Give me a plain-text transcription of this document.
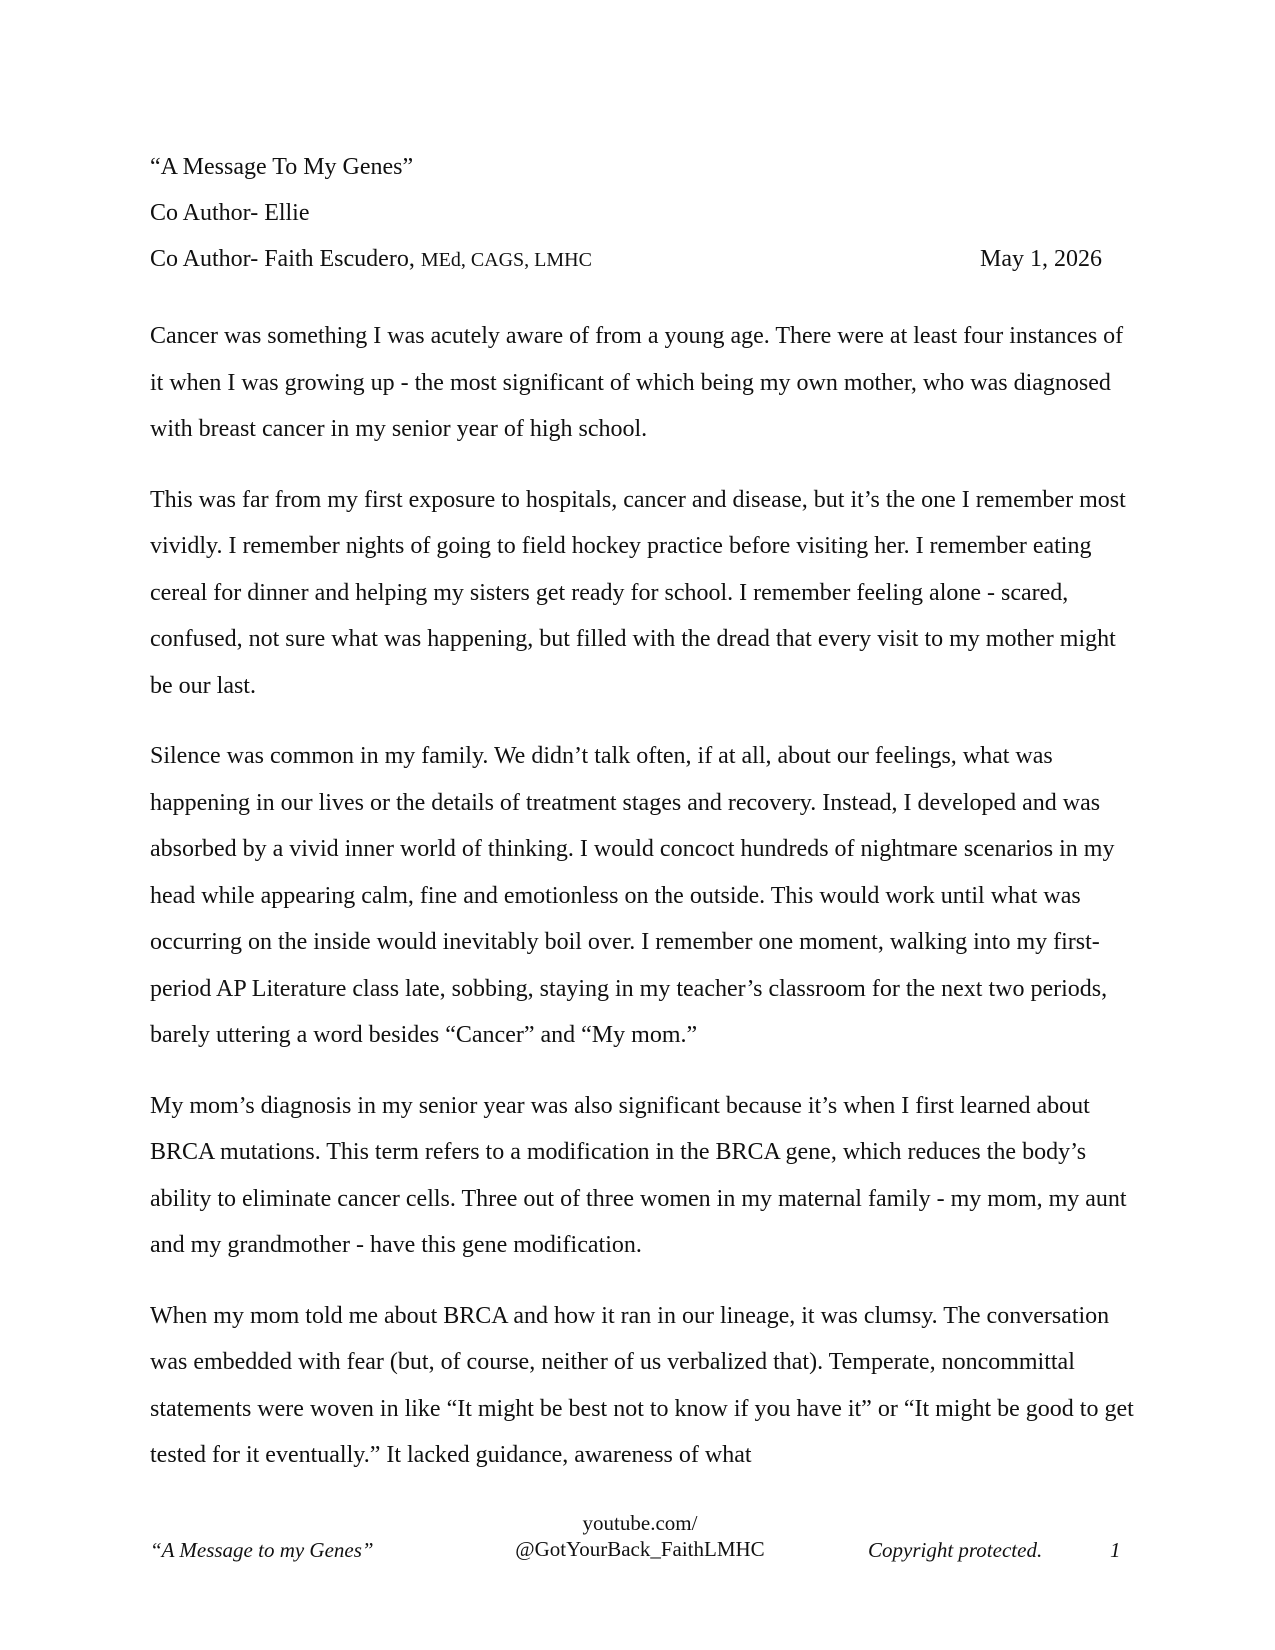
“A Message To My Genes”
Co Author- Ellie
Co Author- Faith Escudero, MEd, CAGS, LMHC	May 1, 2026

Cancer was something I was acutely aware of from a young age. There were at least four instances of it when I was growing up - the most significant of which being my own mother, who was diagnosed with breast cancer in my senior year of high school.

This was far from my first exposure to hospitals, cancer and disease, but it’s the one I remember most vividly. I remember nights of going to field hockey practice before visiting her. I remember eating cereal for dinner and helping my sisters get ready for school. I remember feeling alone - scared, confused, not sure what was happening, but filled with the dread that every visit to my mother might be our last.

Silence was common in my family. We didn’t talk often, if at all, about our feelings, what was happening in our lives or the details of treatment stages and recovery. Instead, I developed and was absorbed by a vivid inner world of thinking. I would concoct hundreds of nightmare scenarios in my head while appearing calm, fine and emotionless on the outside. This would work until what was occurring on the inside would inevitably boil over. I remember one moment, walking into my first-period AP Literature class late, sobbing, staying in my teacher’s classroom for the next two periods, barely uttering a word besides “Cancer” and “My mom.”

My mom’s diagnosis in my senior year was also significant because it’s when I first learned about BRCA mutations. This term refers to a modification in the BRCA gene, which reduces the body’s ability to eliminate cancer cells. Three out of three women in my maternal family - my mom, my aunt and my grandmother - have this gene modification.

When my mom told me about BRCA and how it ran in our lineage, it was clumsy. The conversation was embedded with fear (but, of course, neither of us verbalized that). Temperate, noncommittal statements were woven in like “It might be best not to know if you have it” or “It might be good to get tested for it eventually.” It lacked guidance, awareness of what

“A Message to my Genes”
youtube.com/
@GotYourBack_FaithLMHC	Copyright protected.	1
